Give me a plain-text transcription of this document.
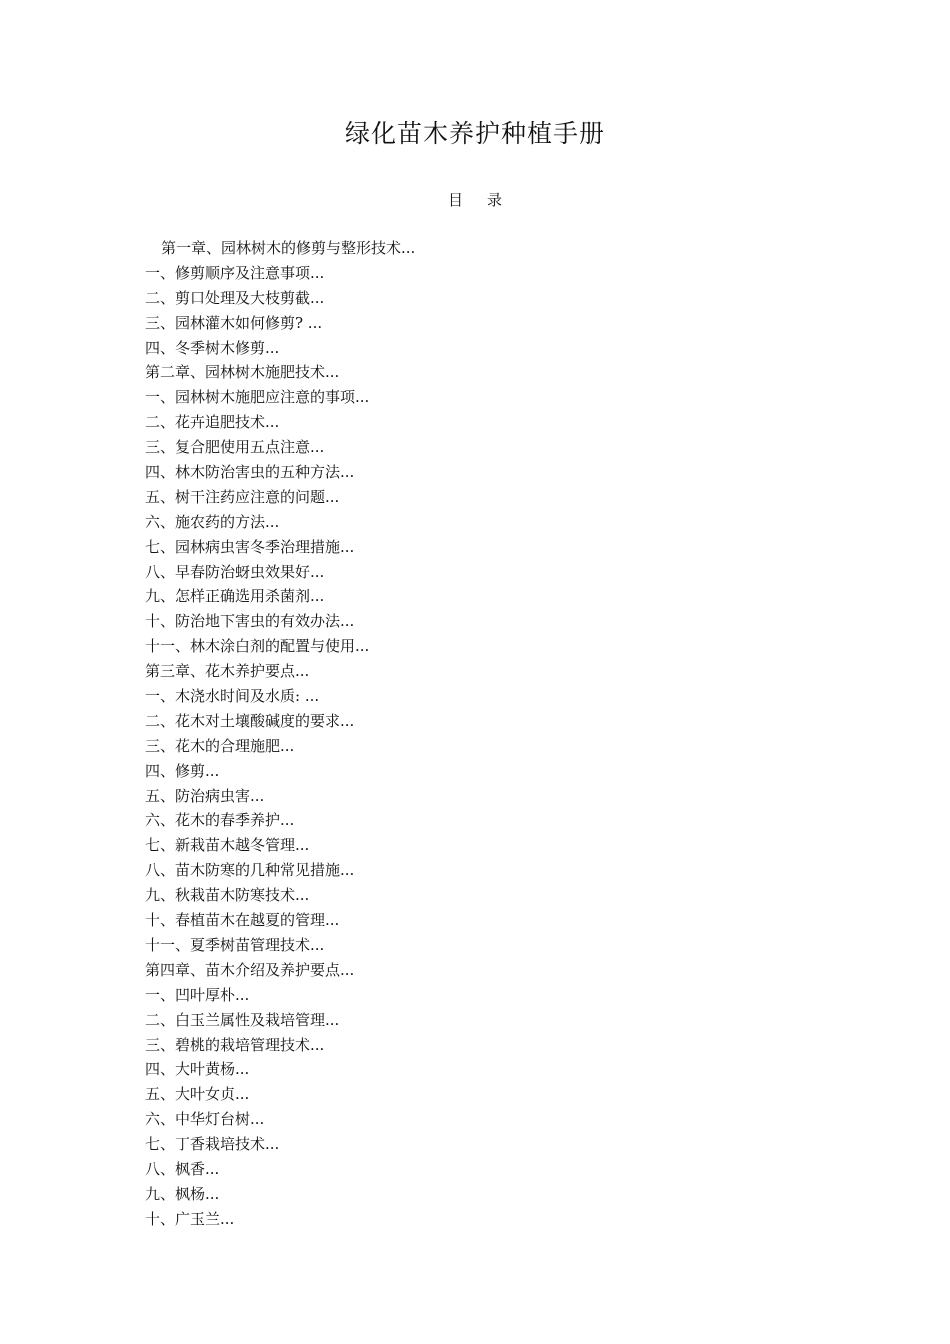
绿化苗木养护种植手册
目 录
第一章、园林树木的修剪与整形技术...
一、修剪顺序及注意事项...
二、剪口处理及大枝剪截...
三、园林灌木如何修剪? ...
四、冬季树木修剪...
第二章、园林树木施肥技术...
一、园林树木施肥应注意的事项...
二、花卉追肥技术...
三、复合肥使用五点注意...
四、林木防治害虫的五种方法...
五、树干注药应注意的问题...
六、施农药的方法...
七、园林病虫害冬季治理措施...
八、早春防治蚜虫效果好...
九、怎样正确选用杀菌剂...
十、防治地下害虫的有效办法...
十一、林木涂白剂的配置与使用...
第三章、花木养护要点...
一、木浇水时间及水质: ...
二、花木对土壤酸碱度的要求...
三、花木的合理施肥...
四、修剪...
五、防治病虫害...
六、花木的春季养护...
七、新栽苗木越冬管理...
八、苗木防寒的几种常见措施...
九、秋栽苗木防寒技术...
十、春植苗木在越夏的管理...
十一、夏季树苗管理技术...
第四章、苗木介绍及养护要点...
一、凹叶厚朴...
二、白玉兰属性及栽培管理...
三、碧桃的栽培管理技术...
四、大叶黄杨...
五、大叶女贞...
六、中华灯台树...
七、丁香栽培技术...
八、枫香...
九、枫杨...
十、广玉兰...
